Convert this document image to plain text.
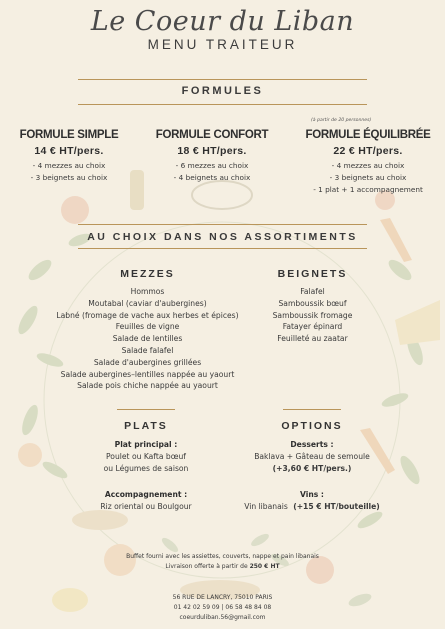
Le Coeur du Liban
MENU TRAITEUR
FORMULES
FORMULE SIMPLE
14 € HT/pers.
- 4 mezzes au choix
- 3 beignets au choix
FORMULE CONFORT
18 € HT/pers.
- 6 mezzes au choix
- 4 beignets au choix
(à partir de 20 personnes)
FORMULE ÉQUILIBRÉE
22 € HT/pers.
- 4 mezzes au choix
- 3 beignets au choix
- 1 plat + 1 accompagnement
AU CHOIX DANS NOS ASSORTIMENTS
MEZZES
Hommos
Moutabal (caviar d'aubergines)
Labné (fromage de vache aux herbes et épices)
Feuilles de vigne
Salade de lentilles
Salade falafel
Salade d'aubergines grillées
Salade aubergines–lentilles nappée au yaourt
Salade pois chiche nappée au yaourt
BEIGNETS
Falafel
Samboussik bœuf
Samboussik fromage
Fatayer épinard
Feuilleté au zaatar
PLATS
Plat principal :
Poulet ou Kafta bœuf
ou Légumes de saison
Accompagnement :
Riz oriental ou Boulgour
OPTIONS
Desserts :
Baklava + Gâteau de semoule
(+3,60 € HT/pers.)
Vins :
Vin libanais (+15 € HT/bouteille)
Buffet fourni avec les assiettes, couverts, nappe et pain libanais
Livraison offerte à partir de 250 € HT
56 RUE DE LANCRY, 75010 PARIS
01 42 02 59 09 | 06 58 48 84 08
coeurduliban.56@gmail.com
